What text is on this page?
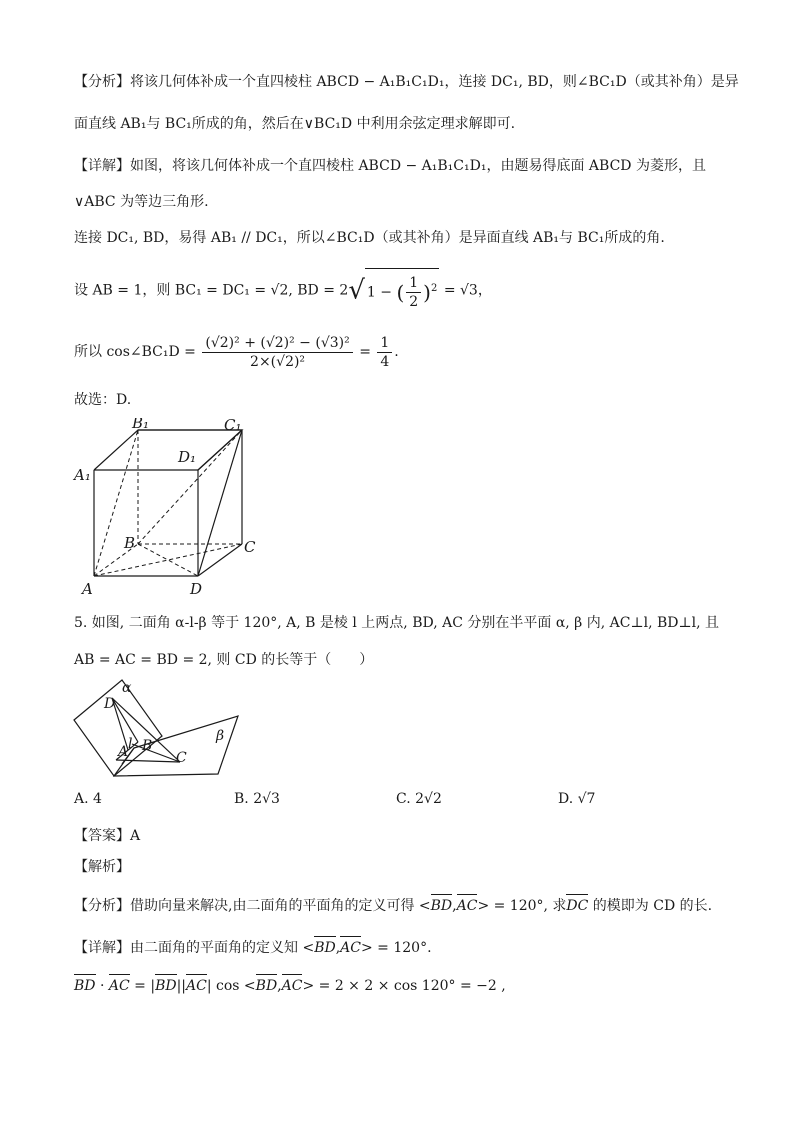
【分析】将该几何体补成一个直四棱柱 ABCD − A₁B₁C₁D₁，连接 DC₁, BD，则∠BC₁D（或其补角）是异
面直线 AB₁与 BC₁所成的角，然后在∨BC₁D 中利用余弦定理求解即可.
【详解】如图，将该几何体补成一个直四棱柱 ABCD − A₁B₁C₁D₁，由题易得底面 ABCD 为菱形，且
∨ABC 为等边三角形.
连接 DC₁, BD，易得 AB₁ // DC₁，所以∠BC₁D（或其补角）是异面直线 AB₁与 BC₁所成的角.
设 AB = 1，则 BC₁ = DC₁ = √2, BD = 2√ 1 − ( $\frac{1}{2} )^2 = √3$，
所以 cos∠BC₁D = $\frac{\text{(√2)² + (√2)² − (√3)²}}{\text{2×(√2)²}} = \frac{1}{4}$ .
故选：D.
B₁	C₁
D₁
A₁
B	C
A	D
5. 如图, 二面角 α-l-β 等于 120°, A, B 是棱 l 上两点, BD, AC 分别在半平面 α, β 内, AC⊥l, BD⊥l, 且
AB = AC = BD = 2, 则 CD 的长等于（　　）
α
β
D
l
A B
C
A. 4	B. 2√3	C. 2√2	D. √7
【答案】A
【解析】
【分析】借助向量来解决,由二面角的平面角的定义可得 <BD,AC> = 120°, 求DC 的模即为 CD 的长.
【详解】由二面角的平面角的定义知 <BD,AC> = 120°.
BD · AC = |BD||AC| cos <BD,AC> = 2 × 2 × cos 120° = −2 ,
